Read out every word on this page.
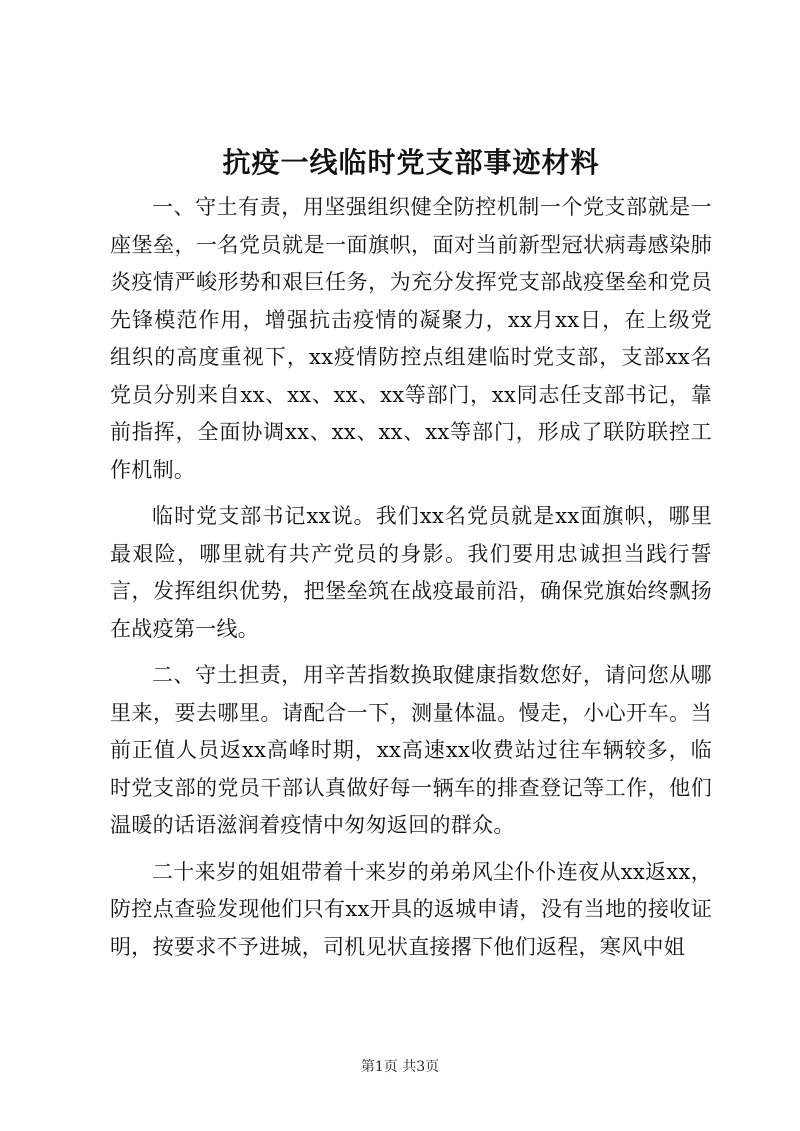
抗疫一线临时党支部事迹材料

一、守土有责，用坚强组织健全防控机制一个党支部就是一座堡垒，一名党员就是一面旗帜，面对当前新型冠状病毒感染肺炎疫情严峻形势和艰巨任务，为充分发挥党支部战疫堡垒和党员先锋模范作用，增强抗击疫情的凝聚力，xx月xx日，在上级党组织的高度重视下，xx疫情防控点组建临时党支部，支部xx名党员分别来自xx、xx、xx、xx等部门，xx同志任支部书记，靠前指挥，全面协调xx、xx、xx、xx等部门，形成了联防联控工作机制。

临时党支部书记xx说。我们xx名党员就是xx面旗帜，哪里最艰险，哪里就有共产党员的身影。我们要用忠诚担当践行誓言，发挥组织优势，把堡垒筑在战疫最前沿，确保党旗始终飘扬在战疫第一线。

二、守土担责，用辛苦指数换取健康指数您好，请问您从哪里来，要去哪里。请配合一下，测量体温。慢走，小心开车。当前正值人员返xx高峰时期，xx高速xx收费站过往车辆较多，临时党支部的党员干部认真做好每一辆车的排查登记等工作，他们温暖的话语滋润着疫情中匆匆返回的群众。

二十来岁的姐姐带着十来岁的弟弟风尘仆仆连夜从xx返xx，防控点查验发现他们只有xx开具的返城申请，没有当地的接收证明，按要求不予进城，司机见状直接撂下他们返程，寒风中姐

第1页 共3页
